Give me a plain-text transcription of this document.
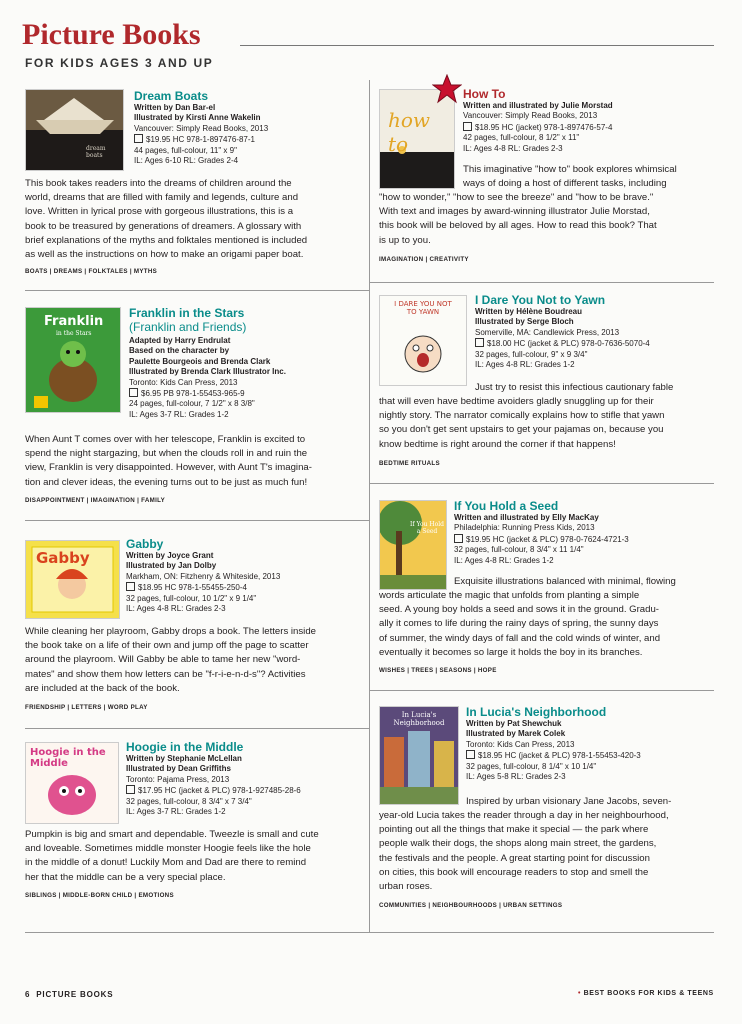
Picture Books
FOR KIDS AGES 3 AND UP
dream boats
Dream Boats
Written by Dan Bar-el
Illustrated by Kirsti Anne Wakelin
Vancouver: Simply Read Books, 2013
$19.95 HC 978-1-897476-87-1
44 pages, full-colour, 11" x 9"
IL: Ages 6-10 RL: Grades 2-4
This book takes readers into the dreams of children around the
world, dreams that are filled with family and legends, culture and
love. Written in lyrical prose with gorgeous illustrations, this is a
book to be treasured by generations of dreamers. A glossary with
brief explanations of the myths and folktales mentioned is included
as well as the instructions on how to make an origami paper boat.
BOATS | DREAMS | FOLKTALES | MYTHS
Franklin
in the Stars
Franklin in the Stars
(Franklin and Friends)
Adapted by Harry Endrulat
Based on the character by
Paulette Bourgeois and Brenda Clark
Illustrated by Brenda Clark Illustrator Inc.
Toronto: Kids Can Press, 2013
$6.95 PB 978-1-55453-965-9
24 pages, full-colour, 7 1/2" x 8 3/8"
IL: Ages 3-7 RL: Grades 1-2
When Aunt T comes over with her telescope, Franklin is excited to
spend the night stargazing, but when the clouds roll in and ruin the
view, Franklin is very disappointed. However, with Aunt T's imagina-
tion and clever ideas, the evening turns out to be just as much fun!
DISAPPOINTMENT | IMAGINATION | FAMILY
Gabby
Gabby
Written by Joyce Grant
Illustrated by Jan Dolby
Markham, ON: Fitzhenry & Whiteside, 2013
$18.95 HC 978-1-55455-250-4
32 pages, full-colour, 10 1/2" x 9 1/4"
IL: Ages 4-8 RL: Grades 2-3
While cleaning her playroom, Gabby drops a book. The letters inside
the book take on a life of their own and jump off the page to scatter
around the playroom. Will Gabby be able to tame her new "word-
mates" and show them how letters can be "f-r-i-e-n-d-s"? Activities
are included at the back of the book.
FRIENDSHIP | LETTERS | WORD PLAY
Hoogie in the Middle
Hoogie in the Middle
Written by Stephanie McLellan
Illustrated by Dean Griffiths
Toronto: Pajama Press, 2013
$17.95 HC (jacket & PLC) 978-1-927485-28-6
32 pages, full-colour, 8 3/4" x 7 3/4"
IL: Ages 3-7 RL: Grades 1-2
Pumpkin is big and smart and dependable. Tweezle is small and cute
and loveable. Sometimes middle monster Hoogie feels like the hole
in the middle of a donut! Luckily Mom and Dad are there to remind
her that the middle can be a very special place.
SIBLINGS | MIDDLE-BORN CHILD | EMOTIONS
how to
How To
Written and illustrated by Julie Morstad
Vancouver: Simply Read Books, 2013
$18.95 HC (jacket) 978-1-897476-57-4
42 pages, full-colour, 8 1/2" x 11"
IL: Ages 4-8 RL: Grades 2-3
This imaginative "how to" book explores whimsical
ways of doing a host of different tasks, including
"how to wonder," "how to see the breeze" and "how to be brave."
With text and images by award-winning illustrator Julie Morstad,
this book will be beloved by all ages. How to read this book? That
is up to you.
IMAGINATION | CREATIVITY
I DARE YOU NOT TO YAWN
I Dare You Not to Yawn
Written by Hélène Boudreau
Illustrated by Serge Bloch
Somerville, MA: Candlewick Press, 2013
$18.00 HC (jacket & PLC) 978-0-7636-5070-4
32 pages, full-colour, 9" x 9 3/4"
IL: Ages 4-8 RL: Grades 1-2
Just try to resist this infectious cautionary fable
that will even have bedtime avoiders gladly snuggling up for their
nightly story. The narrator comically explains how to stifle that yawn
so you don't get sent upstairs to get your pajamas on, because you
know bedtime is right around the corner if that happens!
BEDTIME RITUALS
If You Hold a Seed
If You Hold a Seed
Written and illustrated by Elly MacKay
Philadelphia: Running Press Kids, 2013
$19.95 HC (jacket & PLC) 978-0-7624-4721-3
32 pages, full-colour, 8 3/4" x 11 1/4"
IL: Ages 4-8 RL: Grades 1-2
Exquisite illustrations balanced with minimal, flowing
words articulate the magic that unfolds from planting a simple
seed. A young boy holds a seed and sows it in the ground. Gradu-
ally it comes to life during the rainy days of spring, the sunny days
of summer, the windy days of fall and the cold winds of winter, and
eventually it becomes so large it holds the boy in its branches.
WISHES | TREES | SEASONS | HOPE
In Lucia's Neighborhood
In Lucia's Neighborhood
Written by Pat Shewchuk
Illustrated by Marek Colek
Toronto: Kids Can Press, 2013
$18.95 HC (jacket & PLC) 978-1-55453-420-3
32 pages, full-colour, 8 1/4" x 10 1/4"
IL: Ages 5-8 RL: Grades 2-3
Inspired by urban visionary Jane Jacobs, seven-
year-old Lucia takes the reader through a day in her neighbourhood,
pointing out all the things that make it special — the park where
people walk their dogs, the shops along main street, the gardens,
the festivals and the people. A great starting point for discussion
on cities, this book will encourage readers to stop and smell the
urban roses.
COMMUNITIES | NEIGHBOURHOODS | URBAN SETTINGS
6 PICTURE BOOKS	• BEST BOOKS FOR KIDS & TEENS
